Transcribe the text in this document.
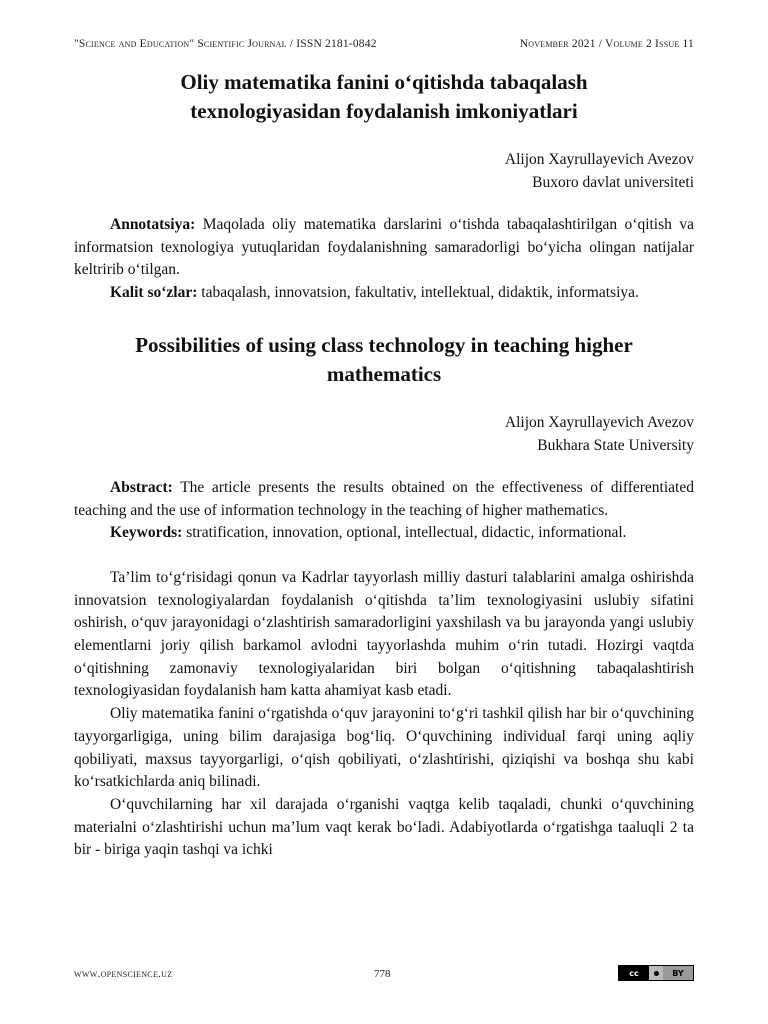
"Science and Education" Scientific Journal / ISSN 2181-0842	November 2021 / Volume 2 Issue 11
Oliy matematika fanini o‘qitishda tabaqalash
texnologiyasidan foydalanish imkoniyatlari
Alijon Xayrullayevich Avezov
Buxoro davlat universiteti

Annotatsiya: Maqolada oliy matematika darslarini o‘tishda tabaqalashtirilgan o‘qitish va informatsion texnologiya yutuqlaridan foydalanishning samaradorligi bo‘yicha olingan natijalar keltririb o‘tilgan.

Kalit so‘zlar: tabaqalash, innovatsion, fakultativ, intellektual, didaktik, informatsiya.

Possibilities of using class technology in teaching higher
mathematics
Alijon Xayrullayevich Avezov
Bukhara State University

Abstract: The article presents the results obtained on the effectiveness of differentiated teaching and the use of information technology in the teaching of higher mathematics.

Keywords: stratification, innovation, optional, intellectual, didactic, informational.

Ta’lim to‘g‘risidagi qonun va Kadrlar tayyorlash milliy dasturi talablarini amalga oshirishda innovatsion texnologiyalardan foydalanish o‘qitishda ta’lim texnologiyasini uslubiy sifatini oshirish, o‘quv jarayonidagi o‘zlashtirish samaradorligini yaxshilash va bu jarayonda yangi uslubiy elementlarni joriy qilish barkamol avlodni tayyorlashda muhim o‘rin tutadi. Hozirgi vaqtda o‘qitishning zamonaviy texnologiyalaridan biri bolgan o‘qitishning tabaqalashtirish texnologiyasidan foydalanish ham katta ahamiyat kasb etadi.

Oliy matematika fanini o‘rgatishda o‘quv jarayonini to‘g‘ri tashkil qilish har bir o‘quvchining tayyorgarligiga, uning bilim darajasiga bog‘liq. O‘quvchining individual farqi uning aqliy qobiliyati, maxsus tayyorgarligi, o‘qish qobiliyati, o‘zlashtirishi, qiziqishi va boshqa shu kabi ko‘rsatkichlarda aniq bilinadi.

O‘quvchilarning har xil darajada o‘rganishi vaqtga kelib taqaladi, chunki o‘quvchining materialni o‘zlashtirishi uchun ma’lum vaqt kerak bo‘ladi. Adabiyotlarda o‘rgatishga taaluqli 2 ta bir - biriga yaqin tashqi va ichki

www.openscience.uz	778	cc	BY
